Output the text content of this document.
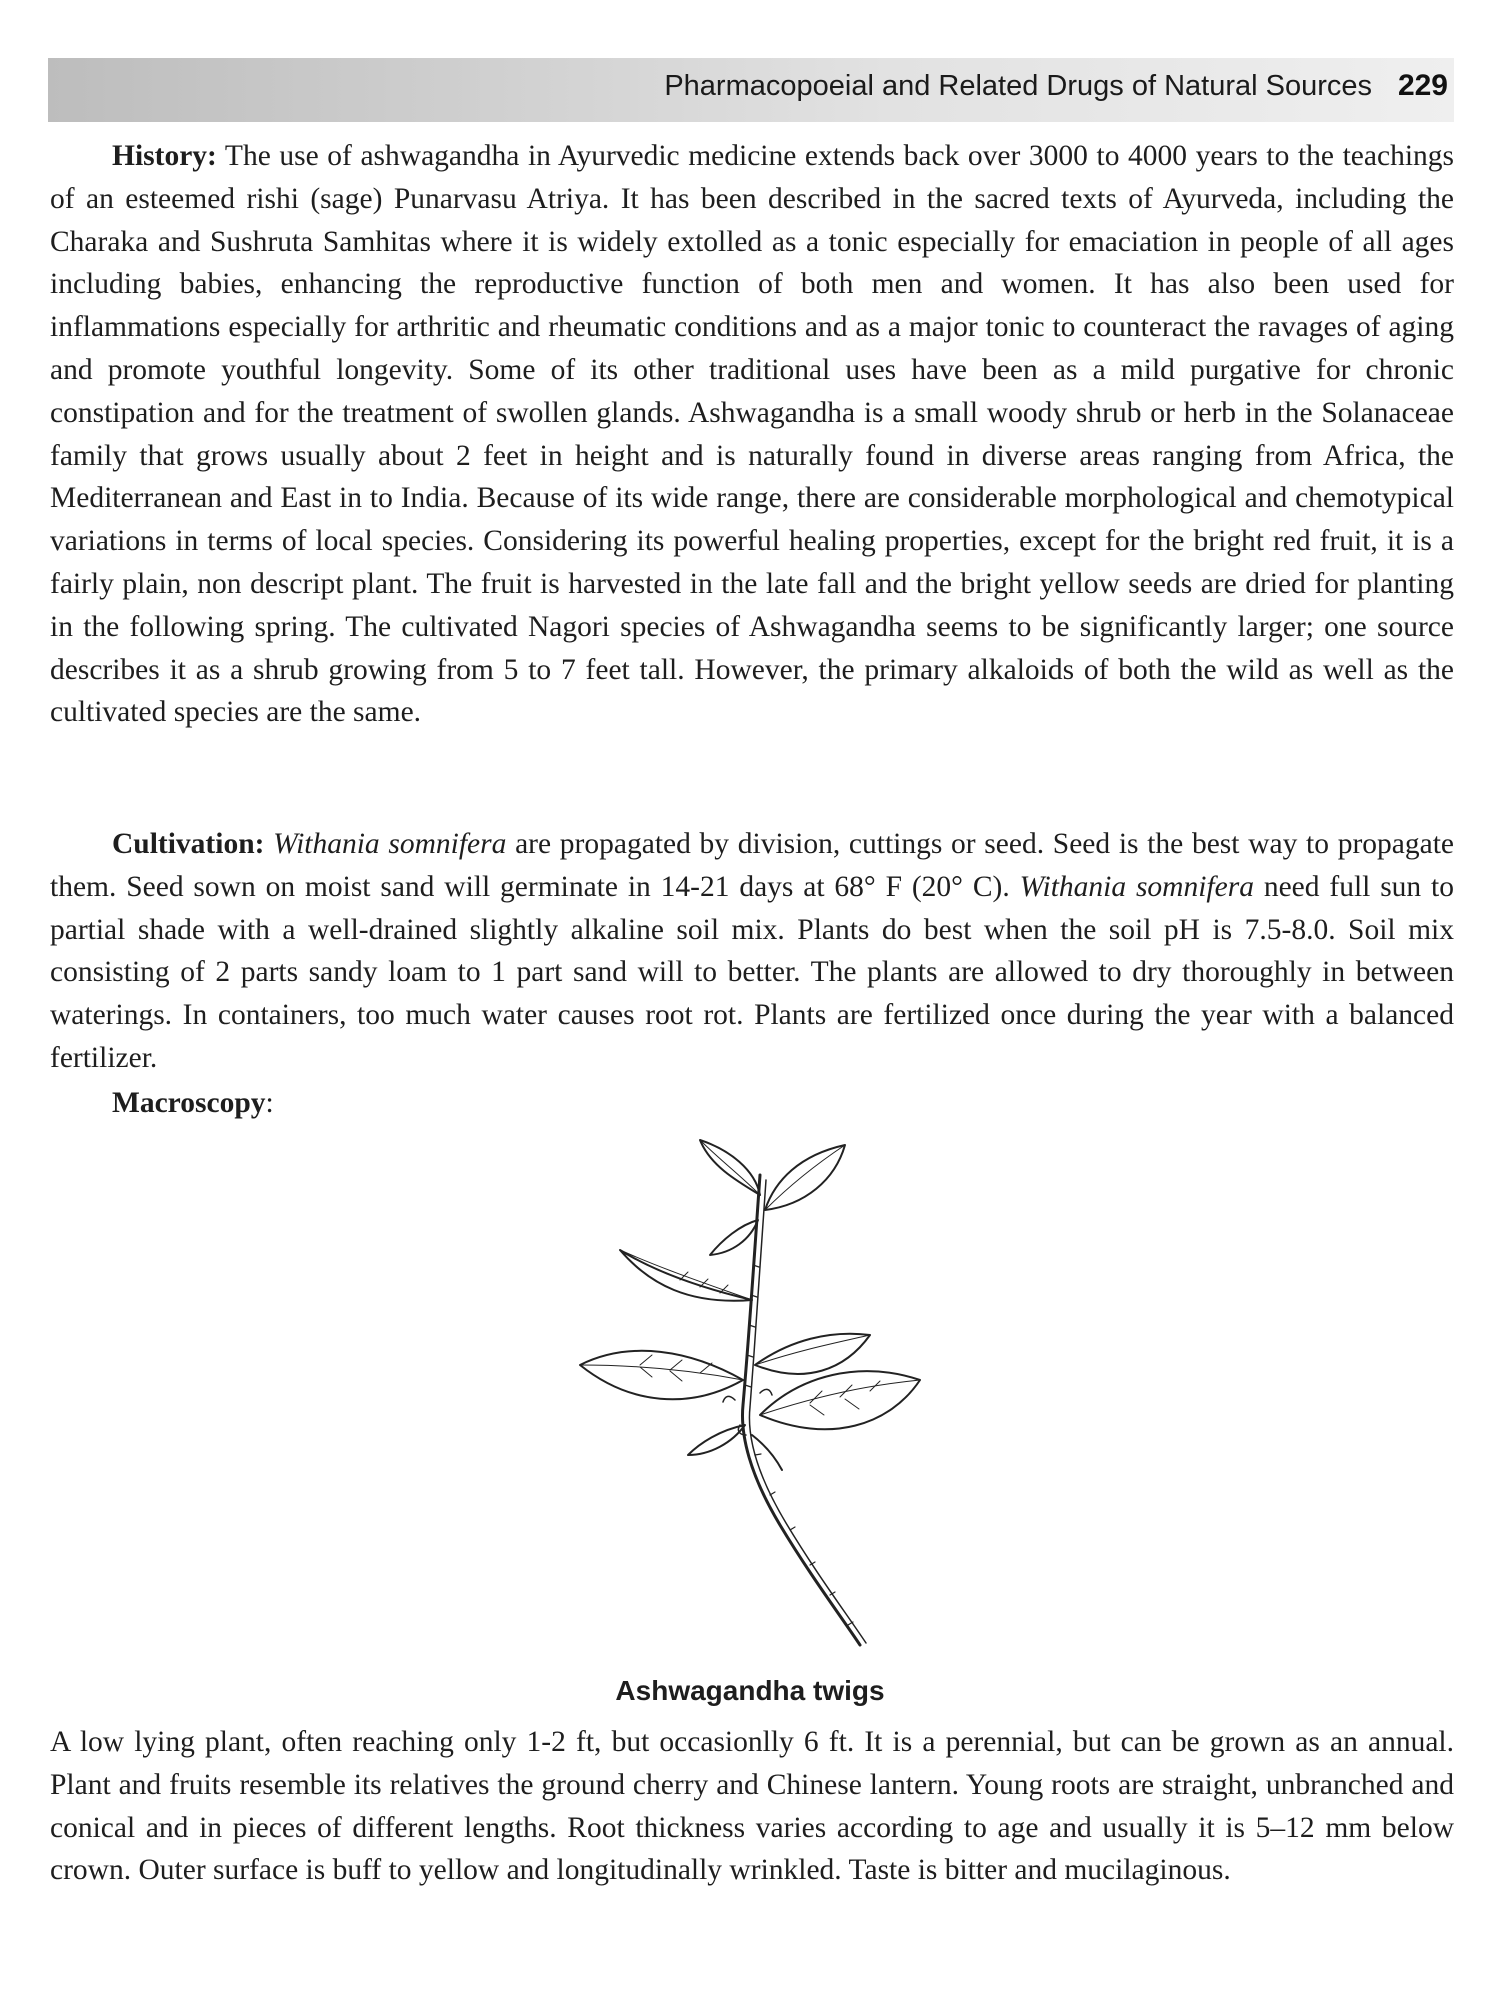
Pharmacopoeial and Related Drugs of Natural Sources 229

History: The use of ashwagandha in Ayurvedic medicine extends back over 3000 to 4000 years to the teachings of an esteemed rishi (sage) Punarvasu Atriya. It has been described in the sacred texts of Ayurveda, including the Charaka and Sushruta Samhitas where it is widely extolled as a tonic especially for emaciation in people of all ages including babies, enhancing the reproductive function of both men and women. It has also been used for inflammations especially for arthritic and rheumatic conditions and as a major tonic to counteract the ravages of aging and promote youthful longevity. Some of its other traditional uses have been as a mild purgative for chronic constipation and for the treatment of swollen glands. Ashwagandha is a small woody shrub or herb in the Solanaceae family that grows usually about 2 feet in height and is naturally found in diverse areas ranging from Africa, the Mediterranean and East in to India. Because of its wide range, there are considerable morphological and chemotypical variations in terms of local species. Considering its powerful healing properties, except for the bright red fruit, it is a fairly plain, non descript plant. The fruit is harvested in the late fall and the bright yellow seeds are dried for planting in the following spring. The cultivated Nagori species of Ashwagandha seems to be significantly larger; one source describes it as a shrub growing from 5 to 7 feet tall. However, the primary alkaloids of both the wild as well as the cultivated species are the same.

Cultivation: Withania somnifera are propagated by division, cuttings or seed. Seed is the best way to propagate them. Seed sown on moist sand will germinate in 14-21 days at 68° F (20° C). Withania somnifera need full sun to partial shade with a well-drained slightly alkaline soil mix. Plants do best when the soil pH is 7.5-8.0. Soil mix consisting of 2 parts sandy loam to 1 part sand will to better. The plants are allowed to dry thoroughly in between waterings. In containers, too much water causes root rot. Plants are fertilized once during the year with a balanced fertilizer.

Macroscopy:

Ashwagandha twigs

A low lying plant, often reaching only 1-2 ft, but occasionlly 6 ft. It is a perennial, but can be grown as an annual. Plant and fruits resemble its relatives the ground cherry and Chinese lantern. Young roots are straight, unbranched and conical and in pieces of different lengths. Root thickness varies according to age and usually it is 5–12 mm below crown. Outer surface is buff to yellow and longitudinally wrinkled. Taste is bitter and mucilaginous.
